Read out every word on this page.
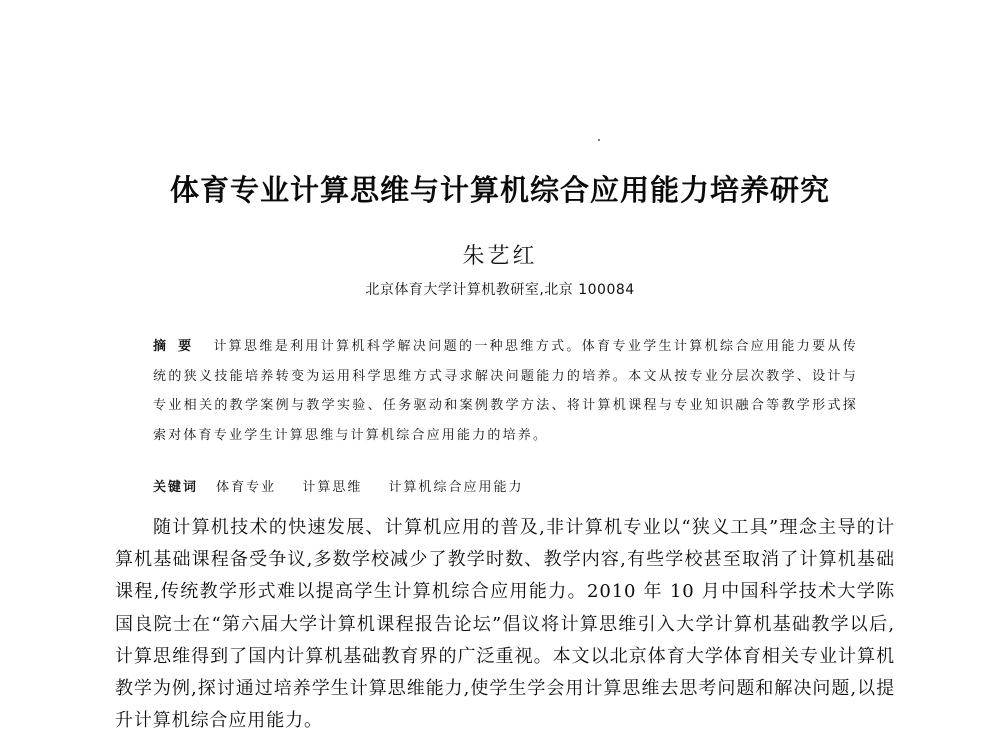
体育专业计算思维与计算机综合应用能力培养研究
朱艺红
北京体育大学计算机教研室,北京 100084
摘要 计算思维是利用计算机科学解决问题的一种思维方式。体育专业学生计算机综合应用能力要从传统的狭义技能培养转变为运用科学思维方式寻求解决问题能力的培养。本文从按专业分层次教学、设计与专业相关的教学案例与教学实验、任务驱动和案例教学方法、将计算机课程与专业知识融合等教学形式探索对体育专业学生计算思维与计算机综合应用能力的培养。
关键词 体育专业 计算思维 计算机综合应用能力

随计算机技术的快速发展、计算机应用的普及,非计算机专业以“狭义工具”理念主导的计算机基础课程备受争议,多数学校减少了教学时数、教学内容,有些学校甚至取消了计算机基础课程,传统教学形式难以提高学生计算机综合应用能力。2010 年 10 月中国科学技术大学陈国良院士在“第六届大学计算机课程报告论坛”倡议将计算思维引入大学计算机基础教学以后,计算思维得到了国内计算机基础教育界的广泛重视。本文以北京体育大学体育相关专业计算机教学为例,探讨通过培养学生计算思维能力,使学生学会用计算思维去思考问题和解决问题,以提升计算机综合应用能力。
